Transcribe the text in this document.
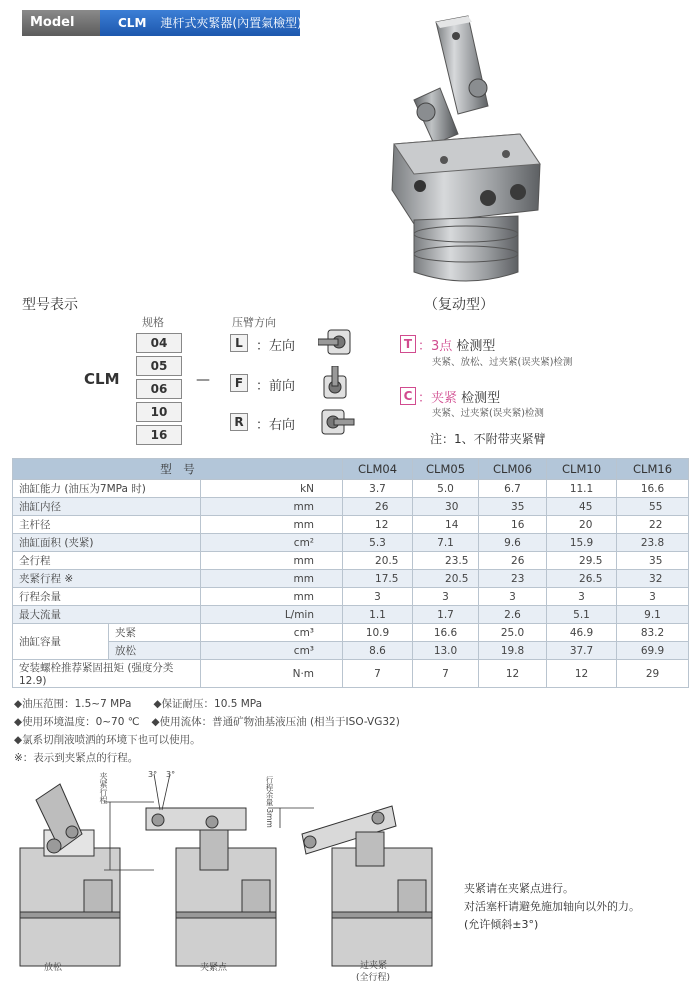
Model	CLM 連杆式夾緊器(內置氣檢型)
型号表示	（复动型）
规格	压臂方向
CLM	—
04
05
06
10
16
L	：左向
F ：前向
R ：右向
T ：3点 检测型
夹紧、放松、过夹紧(误夹紧)检测
C ：夹紧 检测型
夹紧、过夹紧(误夹紧)检测
注：1、不附带夹紧臂
型　号			CLM04	CLM05	CLM06	CLM10	CLM16
油缸能力 (油压为7MPa 时)		kN	3.7	5.0	6.7	11.1	16.6
油缸内径		mm	26	30	35	45	55
主杆径		mm	12	14	16	20	22
油缸面积 (夹紧)		cm²	5.3	7.1	9.6	15.9	23.8
全行程		mm	20.5	23.5	26	29.5	35
夹紧行程 ※		mm	17.5	20.5	23	26.5	32
行程余量		mm	3	3	3	3	3
最大流量		L/min	1.1	1.7	2.6	5.1	9.1
油缸容量	夹紧	cm³	10.9	16.6	25.0	46.9	83.2
	放松	cm³	8.6	13.0	19.8	37.7	69.9
安装螺栓推荐紧固扭矩 (强度分类12.9)		N·m	7	7	12	12	29
◆油压范围：1.5~7 MPa ◆保证耐压：10.5 MPa
◆使用环境温度：0~70 ℃ ◆使用流体：普通矿物油基液压油 (相当于ISO-VG32)
◆氯系切削液喷洒的环境下也可以使用。
※：表示到夹紧点的行程。
夹紧行程	行程余量 3mm
3° 3°
放松	夹紧点	过夹紧
(全行程)
夹紧请在夹紧点进行。
对活塞杆请避免施加轴向以外的力。
(允许倾斜±3°)
